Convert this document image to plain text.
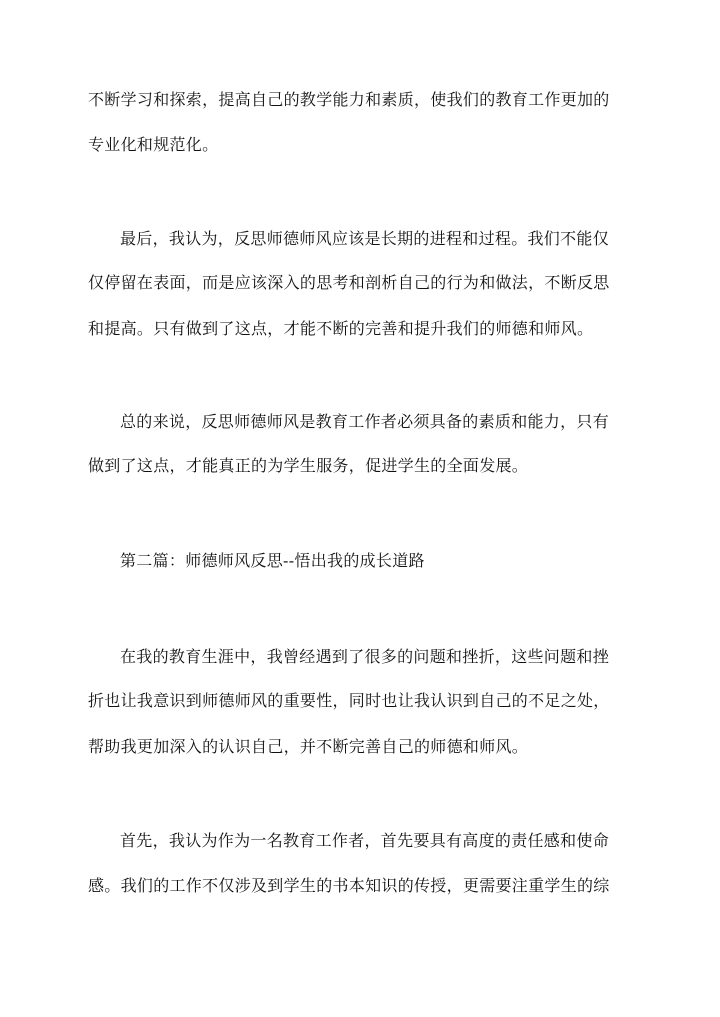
不断学习和探索，提高自己的教学能力和素质，使我们的教育工作更加的
专业化和规范化。
最后，我认为，反思师德师风应该是长期的进程和过程。我们不能仅
仅停留在表面，而是应该深入的思考和剖析自己的行为和做法，不断反思
和提高。只有做到了这点，才能不断的完善和提升我们的师德和师风。
总的来说，反思师德师风是教育工作者必须具备的素质和能力，只有
做到了这点，才能真正的为学生服务，促进学生的全面发展。
第二篇：师德师风反思--悟出我的成长道路
在我的教育生涯中，我曾经遇到了很多的问题和挫折，这些问题和挫
折也让我意识到师德师风的重要性，同时也让我认识到自己的不足之处，
帮助我更加深入的认识自己，并不断完善自己的师德和师风。
首先，我认为作为一名教育工作者，首先要具有高度的责任感和使命
感。我们的工作不仅涉及到学生的书本知识的传授，更需要注重学生的综
